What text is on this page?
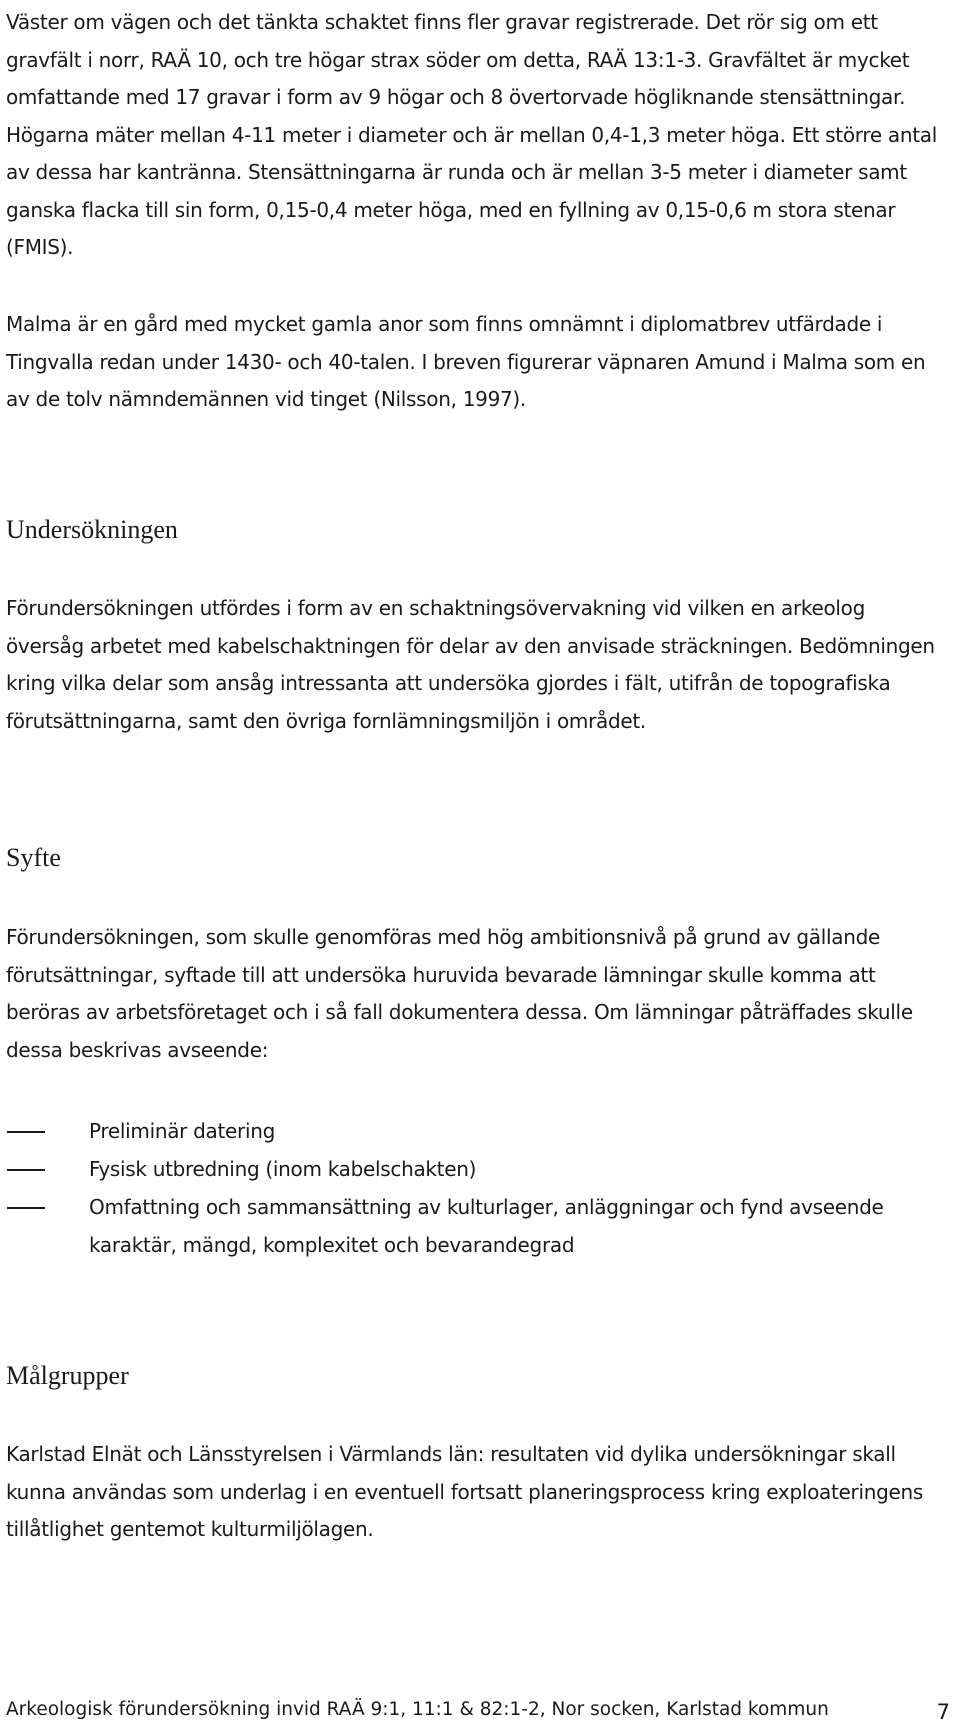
Väster om vägen och det tänkta schaktet finns fler gravar registrerade. Det rör sig om ett gravfält i norr, RAÄ 10, och tre högar strax söder om detta, RAÄ 13:1-3. Gravfältet är mycket omfattande med 17 gravar i form av 9 högar och 8 övertorvade högliknande stensättningar. Högarna mäter mellan 4-11 meter i diameter och är mellan 0,4-1,3 meter höga. Ett större antal av dessa har kantränna. Stensättningarna är runda och är mellan 3-5 meter i diameter samt ganska flacka till sin form, 0,15-0,4 meter höga, med en fyllning av 0,15-0,6 m stora stenar (FMIS).

Malma är en gård med mycket gamla anor som finns omnämnt i diplomatbrev utfärdade i Tingvalla redan under 1430- och 40-talen. I breven figurerar väpnaren Amund i Malma som en av de tolv nämndemännen vid tinget (Nilsson, 1997).

Undersökningen

Förundersökningen utfördes i form av en schaktningsövervakning vid vilken en arkeolog översåg arbetet med kabelschaktningen för delar av den anvisade sträckningen. Bedömningen kring vilka delar som ansåg intressanta att undersöka gjordes i fält, utifrån de topografiska förutsättningarna, samt den övriga fornlämningsmiljön i området.

Syfte

Förundersökningen, som skulle genomföras med hög ambitionsnivå på grund av gällande förutsättningar, syftade till att undersöka huruvida bevarade lämningar skulle komma att beröras av arbetsföretaget och i så fall dokumentera dessa. Om lämningar påträffades skulle dessa beskrivas avseende:

Preliminär datering
Fysisk utbredning (inom kabelschakten)
Omfattning och sammansättning av kulturlager, anläggningar och fynd avseende karaktär, mängd, komplexitet och bevarandegrad
Målgrupper

Karlstad Elnät och Länsstyrelsen i Värmlands län: resultaten vid dylika undersökningar skall kunna användas som underlag i en eventuell fortsatt planeringsprocess kring exploateringens tillåtlighet gentemot kulturmiljölagen.

Arkeologisk förundersökning invid RAÄ 9:1, 11:1 & 82:1-2, Nor socken, Karlstad kommun	7
